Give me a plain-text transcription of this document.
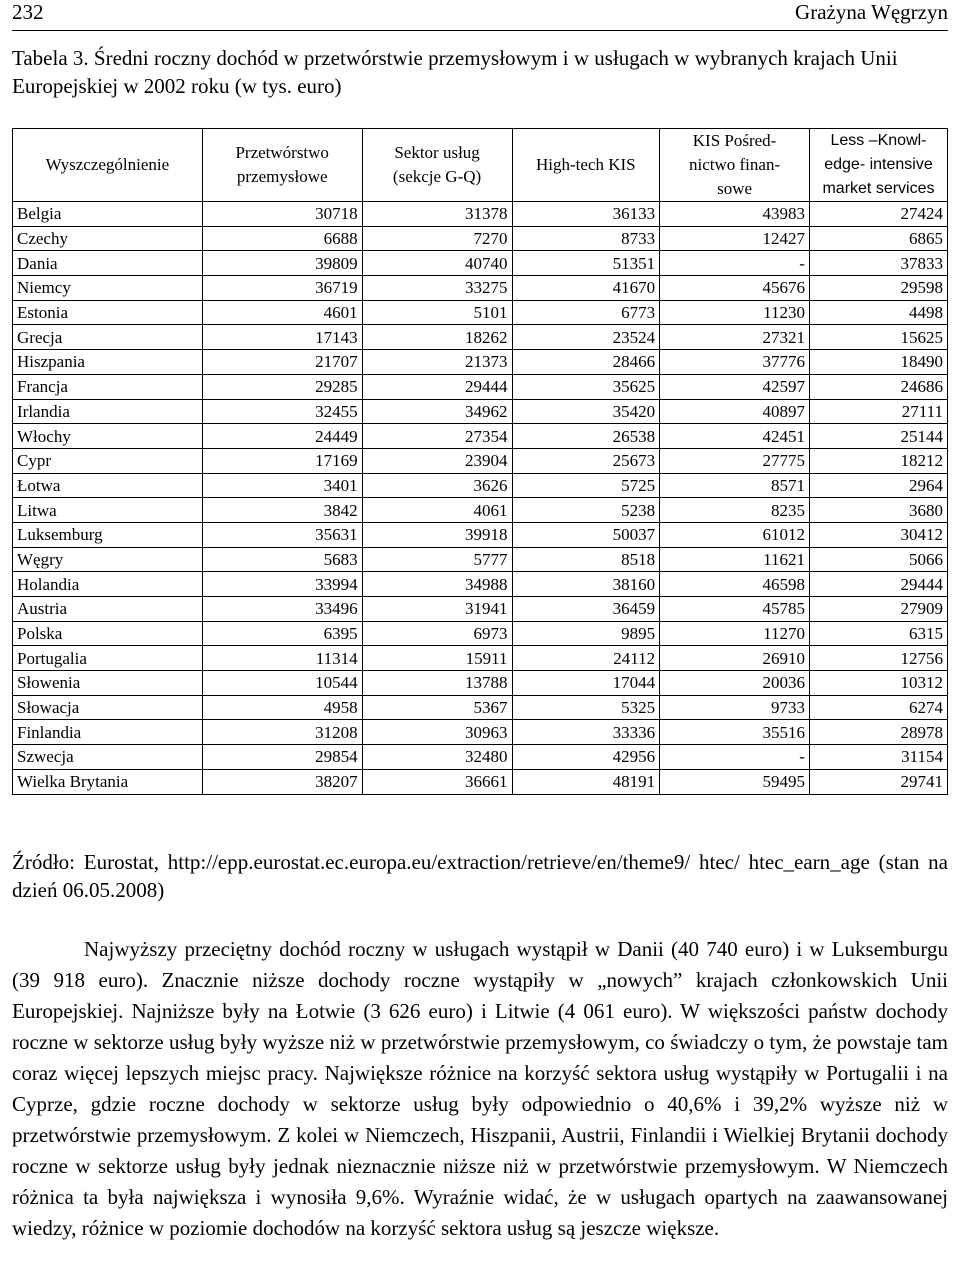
232	Grażyna Węgrzyn
Tabela 3. Średni roczny dochód w przetwórstwie przemysłowym i w usługach w wybranych krajach Unii Europejskiej w 2002 roku (w tys. euro)
Wyszczególnienie	Przetwórstwo przemysłowe	Sektor usług (sekcje G-Q)	High-tech KIS	KIS Pośred-nictwo finan-sowe	Less –Knowl-edge- intensive market services

Belgia	30718	31378	36133	43983	27424
Czechy	6688	7270	8733	12427	6865
Dania	39809	40740	51351	-	37833
Niemcy	36719	33275	41670	45676	29598
Estonia	4601	5101	6773	11230	4498
Grecja	17143	18262	23524	27321	15625
Hiszpania	21707	21373	28466	37776	18490
Francja	29285	29444	35625	42597	24686
Irlandia	32455	34962	35420	40897	27111
Włochy	24449	27354	26538	42451	25144
Cypr	17169	23904	25673	27775	18212
Łotwa	3401	3626	5725	8571	2964
Litwa	3842	4061	5238	8235	3680
Luksemburg	35631	39918	50037	61012	30412
Węgry	5683	5777	8518	11621	5066
Holandia	33994	34988	38160	46598	29444
Austria	33496	31941	36459	45785	27909
Polska	6395	6973	9895	11270	6315
Portugalia	11314	15911	24112	26910	12756
Słowenia	10544	13788	17044	20036	10312
Słowacja	4958	5367	5325	9733	6274
Finlandia	31208	30963	33336	35516	28978
Szwecja	29854	32480	42956	-	31154
Wielka Brytania	38207	36661	48191	59495	29741
Źródło: Eurostat, http://epp.eurostat.ec.europa.eu/extraction/retrieve/en/theme9/ htec/ htec_earn_age (stan na dzień 06.05.2008)
Najwyższy przeciętny dochód roczny w usługach wystąpił w Danii (40 740 euro) i w Luksemburgu (39 918 euro). Znacznie niższe dochody roczne wystąpiły w „nowych” krajach członkowskich Unii Europejskiej. Najniższe były na Łotwie (3 626 euro) i Litwie (4 061 euro). W większości państw dochody roczne w sektorze usług były wyższe niż w przetwórstwie przemysłowym, co świadczy o tym, że powstaje tam coraz więcej lepszych miejsc pracy. Największe różnice na korzyść sektora usług wystąpiły w Portugalii i na Cyprze, gdzie roczne dochody w sektorze usług były odpowiednio o 40,6% i 39,2% wyższe niż w przetwórstwie przemysłowym. Z kolei w Niemczech, Hiszpanii, Austrii, Finlandii i Wielkiej Brytanii dochody roczne w sektorze usług były jednak nieznacznie niższe niż w przetwórstwie przemysłowym. W Niemczech różnica ta była największa i wynosiła 9,6%. Wyraźnie widać, że w usługach opartych na zaawansowanej wiedzy, różnice w poziomie dochodów na korzyść sektora usług są jeszcze większe.
